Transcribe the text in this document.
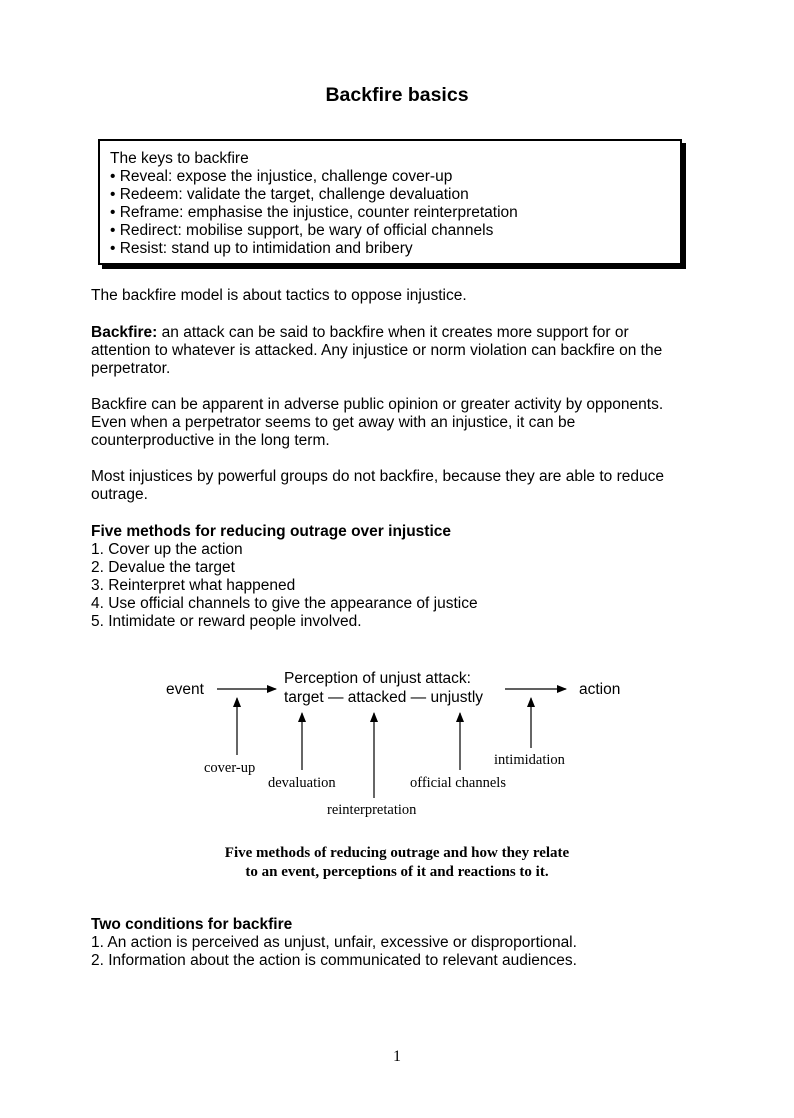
Backfire basics
The keys to backfire
• Reveal: expose the injustice, challenge cover-up
• Redeem: validate the target, challenge devaluation
• Reframe: emphasise the injustice, counter reinterpretation
• Redirect: mobilise support, be wary of official channels
• Resist: stand up to intimidation and bribery
The backfire model is about tactics to oppose injustice.
Backfire: an attack can be said to backfire when it creates more support for or
attention to whatever is attacked. Any injustice or norm violation can backfire on the
perpetrator.
Backfire can be apparent in adverse public opinion or greater activity by opponents.
Even when a perpetrator seems to get away with an injustice, it can be
counterproductive in the long term.
Most injustices by powerful groups do not backfire, because they are able to reduce
outrage.
Five methods for reducing outrage over injustice
1. Cover up the action
2. Devalue the target
3. Reinterpret what happened
4. Use official channels to give the appearance of justice
5. Intimidate or reward people involved.
event
Perception of unjust attack:
target — attacked — unjustly	action
cover-up
devaluation
reinterpretation
official channels
intimidation
Five methods of reducing outrage and how they relate
to an event, perceptions of it and reactions to it.
Two conditions for backfire
1. An action is perceived as unjust, unfair, excessive or disproportional.
2. Information about the action is communicated to relevant audiences.
1
